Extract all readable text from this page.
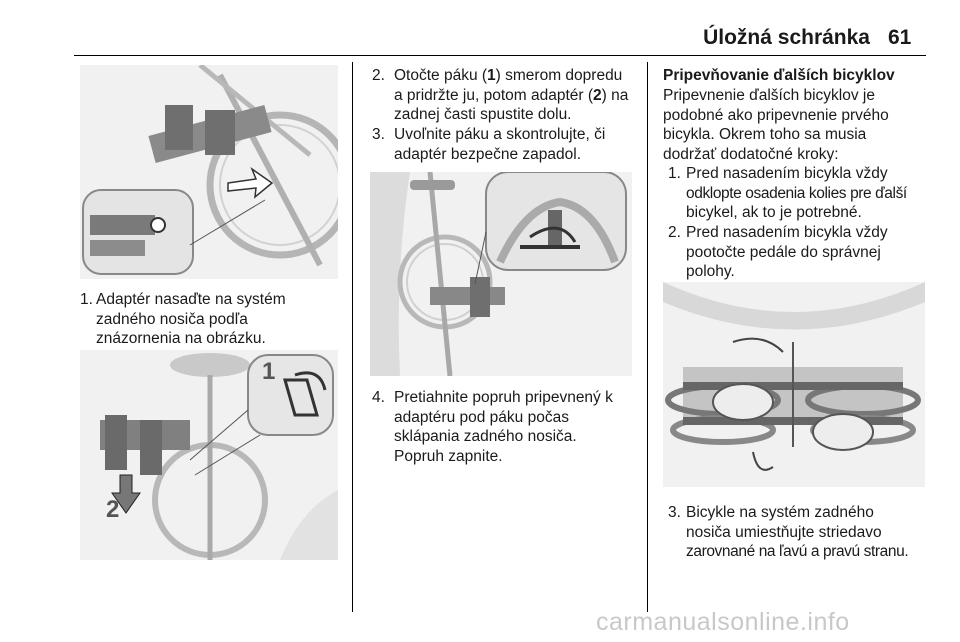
Úložná schránka 61
1. Adaptér nasaďte na systém
zadného nosiča podľa
znázornenia na obrázku.
1
2
2. Otočte páku (1) smerom dopredu
a pridržte ju, potom adaptér (2) na
zadnej časti spustite dolu.
3. Uvoľnite páku a skontrolujte, či
adaptér bezpečne zapadol.
4. Pretiahnite popruh pripevnený k
adaptéru pod páku počas
sklápania zadného nosiča.
Popruh zapnite.
Pripevňovanie ďalších bicyklov
Pripevnenie ďalších bicyklov je
podobné ako pripevnenie prvého
bicykla. Okrem toho sa musia
dodržať dodatočné kroky:
1. Pred nasadením bicykla vždy
odklopte osadenia kolies pre ďalší
bicykel, ak to je potrebné.
2. Pred nasadením bicykla vždy
pootočte pedále do správnej
polohy.
3. Bicykle na systém zadného
nosiča umiestňujte striedavo
zarovnané na ľavú a pravú stranu.
carmanualsonline.info
